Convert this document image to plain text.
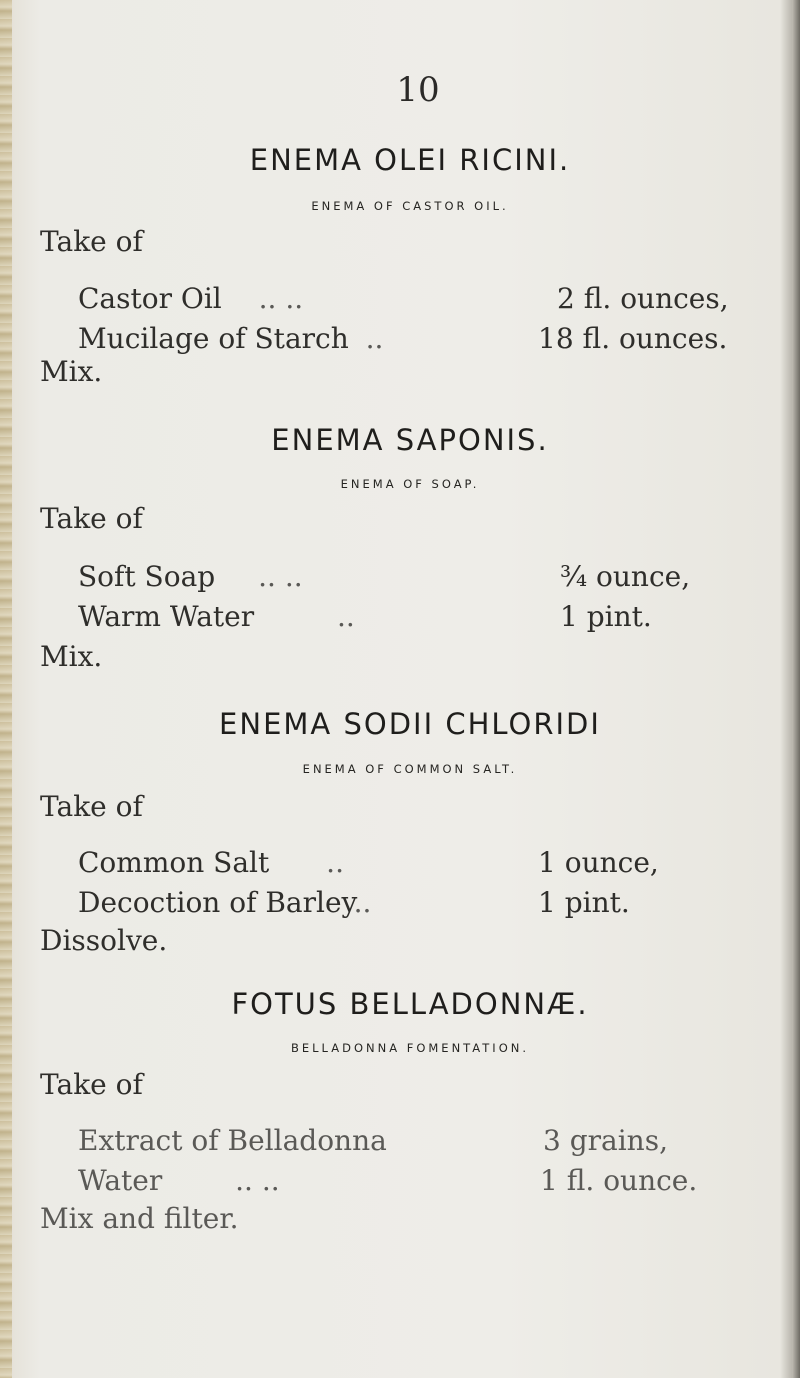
10
ENEMA OLEI RICINI.
ENEMA OF CASTOR OIL.
Take of
Castor Oil .. ..	2 fl. ounces,
Mucilage of Starch ..	18 fl. ounces.
Mix.
ENEMA SAPONIS.
ENEMA OF SOAP.
Take of
Soft Soap .. ..	¾ ounce,
Warm Water	..	1 pint.
Mix.
ENEMA SODII CHLORIDI
ENEMA OF COMMON SALT.
Take of
Common Salt ..	1 ounce,
Decoction of Barley..	1 pint.
Dissolve.
FOTUS BELLADONNÆ.
BELLADONNA FOMENTATION.
Take of
Extract of Belladonna	3 grains,
Water	.. ..	1 fl. ounce.
Mix and filter.
